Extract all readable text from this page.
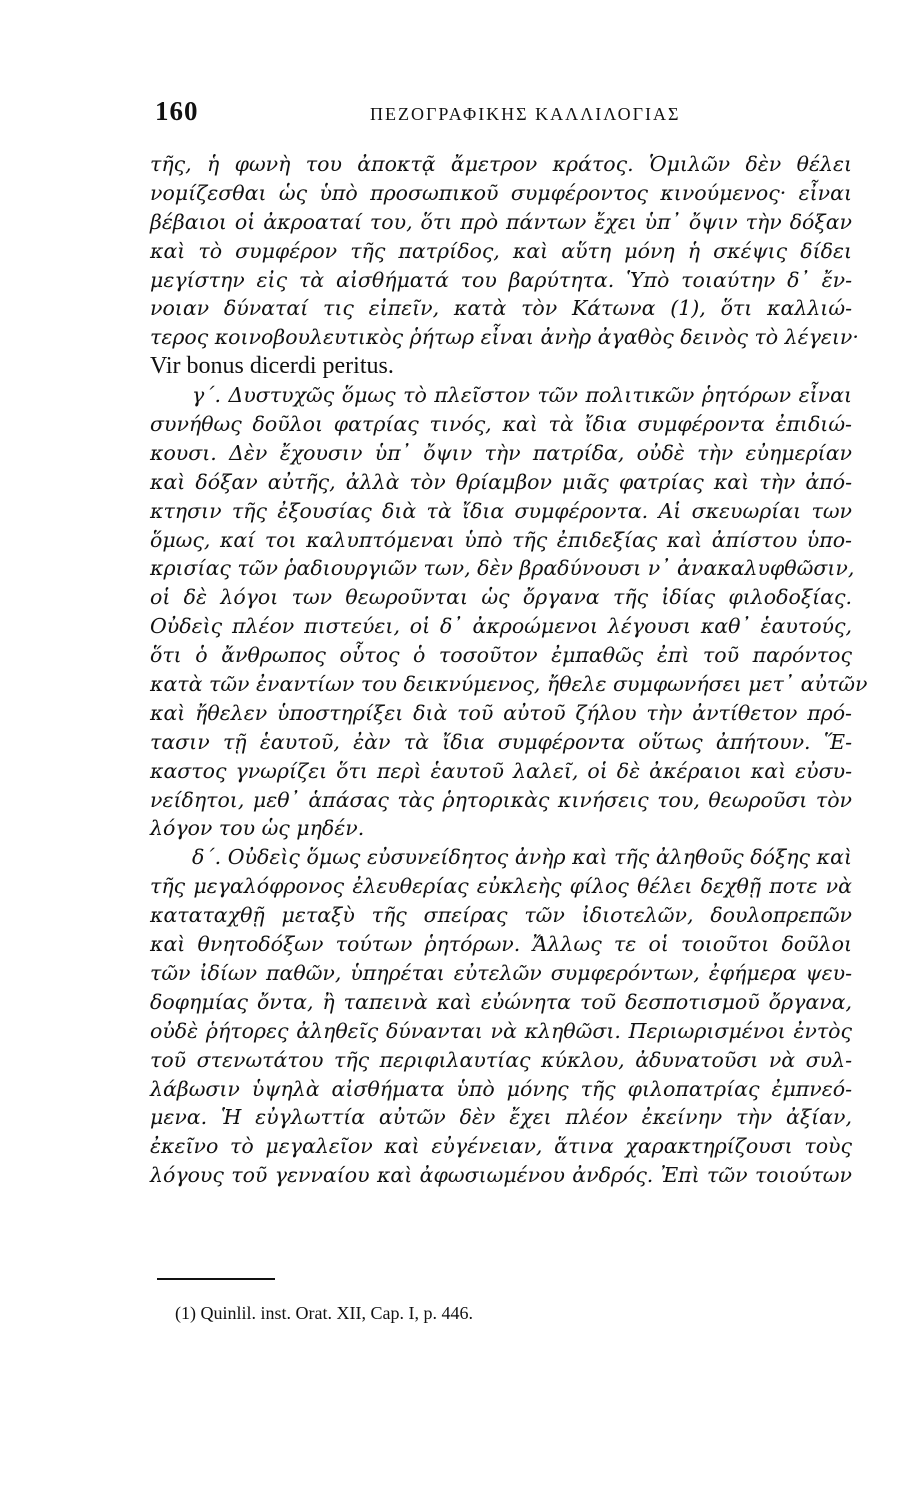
160	ΠΕΖΟΓΡΑΦΙΚΗΣ ΚΑΛΛΙΛΟΓΙΑΣ
τῆς, ἡ φωνὴ του ἀποκτᾷ ἄμετρον κράτος. Ὁμιλῶν δὲν θέλει
νομίζεσθαι ὡς ὑπὸ προσωπικοῦ συμφέροντος κινούμενος· εἶναι
βέβαιοι οἱ ἀκροαταί του, ὅτι πρὸ πάντων ἔχει ὑπ᾽ ὄψιν τὴν δόξαν
καὶ τὸ συμφέρον τῆς πατρίδος, καὶ αὕτη μόνη ἡ σκέψις δίδει
μεγίστην εἰς τὰ αἰσθήματά του βαρύτητα. Ὑπὸ τοιαύτην δ᾽ ἔν-
νοιαν δύναταί τις εἰπεῖν, κατὰ τὸν Κάτωνα (1), ὅτι καλλιώ-
τερος κοινοβουλευτικὸς ῥήτωρ εἶναι ἀνὴρ ἀγαθὸς δεινὸς τὸ λέγειν·
Vir bonus dicerdi peritus.
γ΄. Δυστυχῶς ὅμως τὸ πλεῖστον τῶν πολιτικῶν ῥητόρων εἶναι
συνήθως δοῦλοι φατρίας τινός, καὶ τὰ ἴδια συμφέροντα ἐπιδιώ-
κουσι. Δὲν ἔχουσιν ὑπ᾽ ὄψιν τὴν πατρίδα, οὐδὲ τὴν εὐημερίαν
καὶ δόξαν αὐτῆς, ἀλλὰ τὸν θρίαμβον μιᾶς φατρίας καὶ τὴν ἀπό-
κτησιν τῆς ἐξουσίας διὰ τὰ ἴδια συμφέροντα. Αἱ σκευωρίαι των
ὅμως, καί τοι καλυπτόμεναι ὑπὸ τῆς ἐπιδεξίας καὶ ἀπίστου ὑπο-
κρισίας τῶν ῥαδιουργιῶν των, δὲν βραδύνουσι ν᾽ ἀνακαλυφθῶσιν,
οἱ δὲ λόγοι των θεωροῦνται ὡς ὄργανα τῆς ἰδίας φιλοδοξίας.
Οὐδεὶς πλέον πιστεύει, οἱ δ᾽ ἀκροώμενοι λέγουσι καθ᾽ ἑαυτούς,
ὅτι ὁ ἄνθρωπος οὗτος ὁ τοσοῦτον ἐμπαθῶς ἐπὶ τοῦ παρόντος
κατὰ τῶν ἐναντίων του δεικνύμενος, ἤθελε συμφωνήσει μετ᾽ αὐτῶν
καὶ ἤθελεν ὑποστηρίξει διὰ τοῦ αὐτοῦ ζήλου τὴν ἀντίθετον πρό-
τασιν τῇ ἑαυτοῦ, ἐὰν τὰ ἴδια συμφέροντα οὕτως ἀπήτουν. Ἕ-
καστος γνωρίζει ὅτι περὶ ἑαυτοῦ λαλεῖ, οἱ δὲ ἀκέραιοι καὶ εὐσυ-
νείδητοι, μεθ᾽ ἁπάσας τὰς ῥητορικὰς κινήσεις του, θεωροῦσι τὸν
λόγον του ὡς μηδέν.
δ΄. Οὐδεὶς ὅμως εὐσυνείδητος ἀνὴρ καὶ τῆς ἀληθοῦς δόξης καὶ
τῆς μεγαλόφρονος ἐλευθερίας εὐκλεὴς φίλος θέλει δεχθῇ ποτε νὰ
καταταχθῇ μεταξὺ τῆς σπείρας τῶν ἰδιοτελῶν, δουλοπρεπῶν
καὶ θνητοδόξων τούτων ῥητόρων. Ἄλλως τε οἱ τοιοῦτοι δοῦλοι
τῶν ἰδίων παθῶν, ὑπηρέται εὐτελῶν συμφερόντων, ἐφήμερα ψευ-
δοφημίας ὄντα, ἢ ταπεινὰ καὶ εὐώνητα τοῦ δεσποτισμοῦ ὄργανα,
οὐδὲ ῥήτορες ἀληθεῖς δύνανται νὰ κληθῶσι. Περιωρισμένοι ἐντὸς
τοῦ στενωτάτου τῆς περιφιλαυτίας κύκλου, ἀδυνατοῦσι νὰ συλ-
λάβωσιν ὑψηλὰ αἰσθήματα ὑπὸ μόνης τῆς φιλοπατρίας ἐμπνεό-
μενα. Ἡ εὐγλωττία αὐτῶν δὲν ἔχει πλέον ἐκείνην τὴν ἀξίαν,
ἐκεῖνο τὸ μεγαλεῖον καὶ εὐγένειαν, ἅτινα χαρακτηρίζουσι τοὺς
λόγους τοῦ γενναίου καὶ ἀφωσιωμένου ἀνδρός. Ἐπὶ τῶν τοιούτων
(1) Quinlil. inst. Orat. XII, Cap. I, p. 446.
